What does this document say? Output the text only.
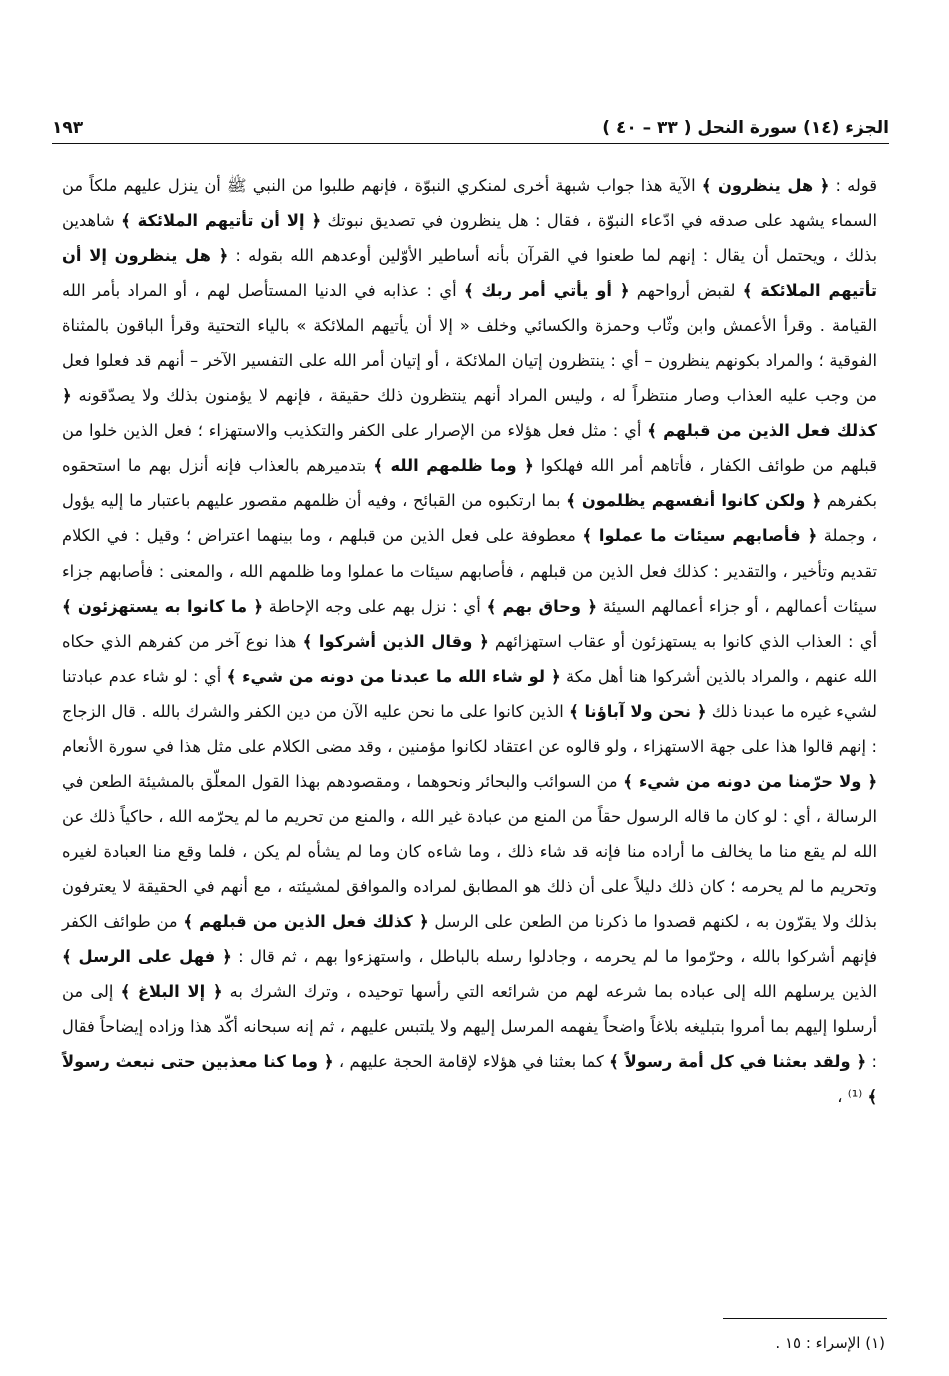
الجزء (١٤) سورة النحل ( ٣٣ – ٤٠ )
١٩٣

قوله : ﴿ هل ينظرون ﴾ الآية هذا جواب شبهة أخرى لمنكري النبوّة ، فإنهم طلبوا من النبي ﷺ أن ينزل عليهم ملكاً من السماء يشهد على صدقه في ادّعاء النبوّة ، فقال : هل ينظرون في تصديق نبوتك ﴿ إلا أن تأتيهم الملائكة ﴾ شاهدين بذلك ، ويحتمل أن يقال : إنهم لما طعنوا في القرآن بأنه أساطير الأوّلين أوعدهم الله بقوله : ﴿ هل ينظرون إلا أن تأتيهم الملائكة ﴾ لقبض أرواحهم ﴿ أو يأتي أمر ربك ﴾ أي : عذابه في الدنيا المستأصل لهم ، أو المراد بأمر الله القيامة . وقرأ الأعمش وابن وثّاب وحمزة والكسائي وخلف « إلا أن يأتيهم الملائكة » بالياء التحتية وقرأ الباقون بالمثناة الفوقية ؛ والمراد بكونهم ينظرون – أي : ينتظرون إتيان الملائكة ، أو إتيان أمر الله على التفسير الآخر – أنهم قد فعلوا فعل من وجب عليه العذاب وصار منتظراً له ، وليس المراد أنهم ينتظرون ذلك حقيقة ، فإنهم لا يؤمنون بذلك ولا يصدّقونه ﴿ كذلك فعل الذين من قبلهم ﴾ أي : مثل فعل هؤلاء من الإصرار على الكفر والتكذيب والاستهزاء ؛ فعل الذين خلوا من قبلهم من طوائف الكفار ، فأتاهم أمر الله فهلكوا ﴿ وما ظلمهم الله ﴾ بتدميرهم بالعذاب فإنه أنزل بهم ما استحقوه بكفرهم ﴿ ولكن كانوا أنفسهم يظلمون ﴾ بما ارتكبوه من القبائح ، وفيه أن ظلمهم مقصور عليهم باعتبار ما إليه يؤول ، وجملة ﴿ فأصابهم سيئات ما عملوا ﴾ معطوفة على فعل الذين من قبلهم ، وما بينهما اعتراض ؛ وقيل : في الكلام تقديم وتأخير ، والتقدير : كذلك فعل الذين من قبلهم ، فأصابهم سيئات ما عملوا وما ظلمهم الله ، والمعنى : فأصابهم جزاء سيئات أعمالهم ، أو جزاء أعمالهم السيئة ﴿ وحاق بهم ﴾ أي : نزل بهم على وجه الإحاطة ﴿ ما كانوا به يستهزئون ﴾ أي : العذاب الذي كانوا به يستهزئون أو عقاب استهزائهم ﴿ وقال الذين أشركوا ﴾ هذا نوع آخر من كفرهم الذي حكاه الله عنهم ، والمراد بالذين أشركوا هنا أهل مكة ﴿ لو شاء الله ما عبدنا من دونه من شيء ﴾ أي : لو شاء عدم عبادتنا لشيء غيره ما عبدنا ذلك ﴿ نحن ولا آباؤنا ﴾ الذين كانوا على ما نحن عليه الآن من دين الكفر والشرك بالله . قال الزجاج : إنهم قالوا هذا على جهة الاستهزاء ، ولو قالوه عن اعتقاد لكانوا مؤمنين ، وقد مضى الكلام على مثل هذا في سورة الأنعام ﴿ ولا حرّمنا من دونه من شيء ﴾ من السوائب والبحائر ونحوهما ، ومقصودهم بهذا القول المعلّق بالمشيئة الطعن في الرسالة ، أي : لو كان ما قاله الرسول حقاً من المنع من عبادة غير الله ، والمنع من تحريم ما لم يحرّمه الله ، حاكياً ذلك عن الله لم يقع منا ما يخالف ما أراده منا فإنه قد شاء ذلك ، وما شاءه كان وما لم يشأه لم يكن ، فلما وقع منا العبادة لغيره وتحريم ما لم يحرمه ؛ كان ذلك دليلاً على أن ذلك هو المطابق لمراده والموافق لمشيئته ، مع أنهم في الحقيقة لا يعترفون بذلك ولا يقرّون به ، لكنهم قصدوا ما ذكرنا من الطعن على الرسل ﴿ كذلك فعل الذين من قبلهم ﴾ من طوائف الكفر فإنهم أشركوا بالله ، وحرّموا ما لم يحرمه ، وجادلوا رسله بالباطل ، واستهزءوا بهم ، ثم قال : ﴿ فهل على الرسل ﴾ الذين يرسلهم الله إلى عباده بما شرعه لهم من شرائعه التي رأسها توحيده ، وترك الشرك به ﴿ إلا البلاغ ﴾ إلى من أرسلوا إليهم بما أمروا بتبليغه بلاغاً واضحاً يفهمه المرسل إليهم ولا يلتبس عليهم ، ثم إنه سبحانه أكّد هذا وزاده إيضاحاً فقال : ﴿ ولقد بعثنا في كل أمة رسولاً ﴾ كما بعثنا في هؤلاء لإقامة الحجة عليهم ، ﴿ وما كنا معذبين حتى نبعث رسولاً ﴾ ⁽¹⁾ ،

(١) الإسراء : ١٥ .
